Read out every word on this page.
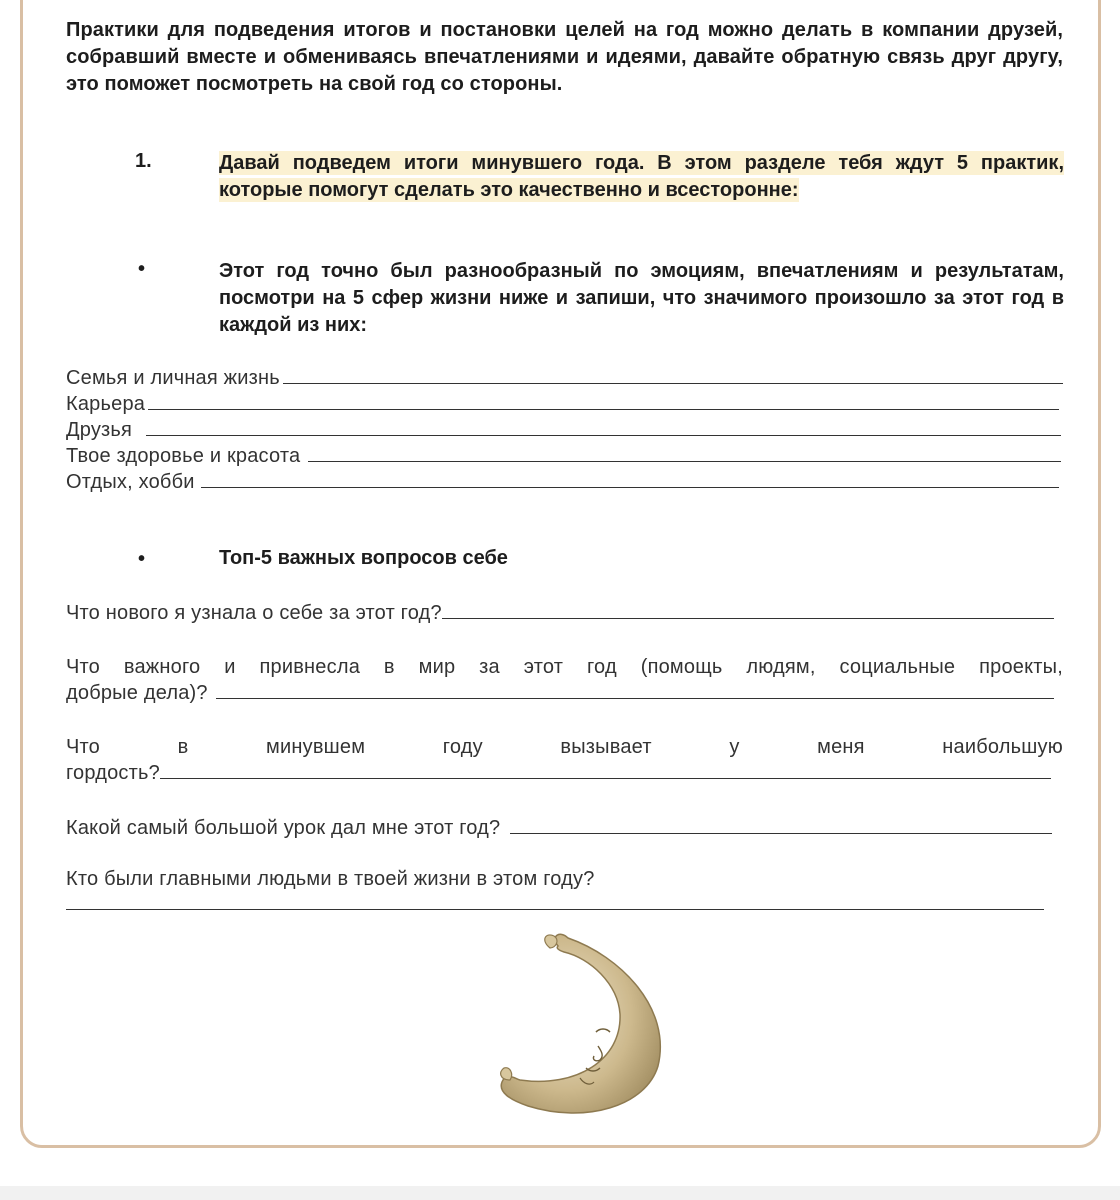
Практики для подведения итогов и постановки целей на год можно делать в компании друзей, собравший вместе и обмениваясь впечатлениями и идеями, давайте обратную связь друг другу, это поможет посмотреть на свой год со стороны.
1.	Давай подведем итоги минувшего года. В этом разделе тебя ждут 5 практик, которые помогут сделать это качественно и всесторонне:
•	Этот год точно был разнообразный по эмоциям, впечатлениям и результатам, посмотри на 5 сфер жизни ниже и запиши, что значимого произошло за этот год в каждой из них:
Семья и личная жизнь
Карьера
Друзья
Твое здоровье и красота
Отдых, хобби
•	Топ-5 важных вопросов себе
Что нового я узнала о себе за этот год?
Что важного и привнесла в мир за этот год (помощь людям, социальные проекты,
добрые дела)?
Что	в	минувшем	году	вызывает	у	меня	наибольшую
гордость?
Какой самый большой урок дал мне этот год?
Кто были главными людьми в твоей жизни в этом году?
